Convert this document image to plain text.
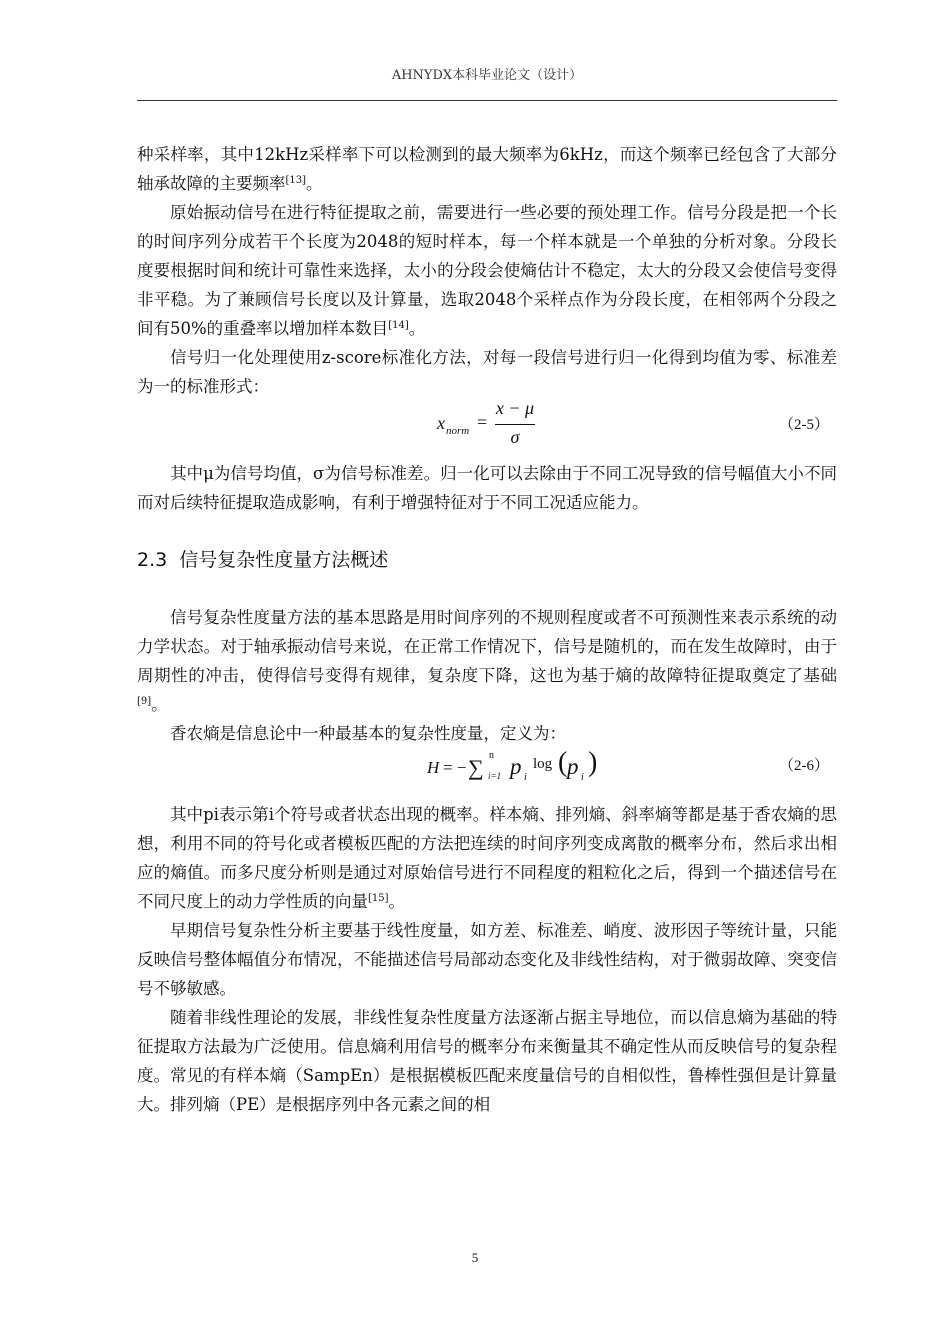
AHNYDX本科毕业论文（设计）

种采样率，其中12kHz采样率下可以检测到的最大频率为6kHz，而这个频率已经包含了大部分轴承故障的主要频率[13]。

原始振动信号在进行特征提取之前，需要进行一些必要的预处理工作。信号分段是把一个长的时间序列分成若干个长度为2048的短时样本，每一个样本就是一个单独的分析对象。分段长度要根据时间和统计可靠性来选择，太小的分段会使熵估计不稳定，太大的分段又会使信号变得非平稳。为了兼顾信号长度以及计算量，选取2048个采样点作为分段长度，在相邻两个分段之间有50%的重叠率以增加样本数目[14]。

信号归一化处理使用z-score标准化方法，对每一段信号进行归一化得到均值为零、标准差为一的标准形式：

x norm =
x − μ
σ
（2-5）

其中μ为信号均值，σ为信号标准差。归一化可以去除由于不同工况导致的信号幅值大小不同而对后续特征提取造成影响，有利于增强特征对于不同工况适应能力。

2.3 信号复杂性度量方法概述

信号复杂性度量方法的基本思路是用时间序列的不规则程度或者不可预测性来表示系统的动力学状态。对于轴承振动信号来说，在正常工作情况下，信号是随机的，而在发生故障时，由于周期性的冲击，使得信号变得有规律，复杂度下降，这也为基于熵的故障特征提取奠定了基础[9]。

香农熵是信息论中一种最基本的复杂性度量，定义为：

H = − ∑ n
i=1 p i
log ( p i )	（2-6）

其中pi表示第i个符号或者状态出现的概率。样本熵、排列熵、斜率熵等都是基于香农熵的思想，利用不同的符号化或者模板匹配的方法把连续的时间序列变成离散的概率分布，然后求出相应的熵值。而多尺度分析则是通过对原始信号进行不同程度的粗粒化之后，得到一个描述信号在不同尺度上的动力学性质的向量[15]。

早期信号复杂性分析主要基于线性度量，如方差、标准差、峭度、波形因子等统计量，只能反映信号整体幅值分布情况，不能描述信号局部动态变化及非线性结构，对于微弱故障、突变信号不够敏感。

随着非线性理论的发展，非线性复杂性度量方法逐渐占据主导地位，而以信息熵为基础的特征提取方法最为广泛使用。信息熵利用信号的概率分布来衡量其不确定性从而反映信号的复杂程度。常见的有样本熵（SampEn）是根据模板匹配来度量信号的自相似性，鲁棒性强但是计算量大。排列熵（PE）是根据序列中各元素之间的相

5
